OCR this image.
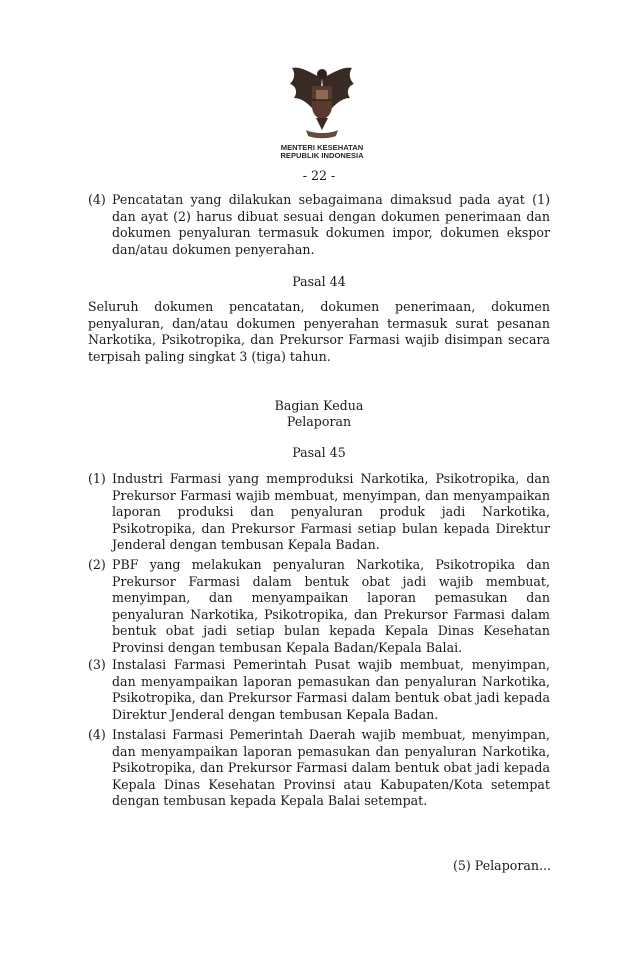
MENTERI KESEHATAN
REPUBLIK INDONESIA
- 22 -
(4) Pencatatan yang dilakukan sebagaimana dimaksud pada ayat (1) dan ayat (2) harus dibuat sesuai dengan dokumen penerimaan dan dokumen penyaluran termasuk dokumen impor, dokumen ekspor dan/atau dokumen penyerahan.
Pasal 44
Seluruh dokumen pencatatan, dokumen penerimaan, dokumen penyaluran, dan/atau dokumen penyerahan termasuk surat pesanan Narkotika, Psikotropika, dan Prekursor Farmasi wajib disimpan secara terpisah paling singkat 3 (tiga) tahun.
Bagian Kedua
Pelaporan
Pasal 45
(1) Industri Farmasi yang memproduksi Narkotika, Psikotropika, dan Prekursor Farmasi wajib membuat, menyimpan, dan menyampaikan laporan produksi dan penyaluran produk jadi Narkotika, Psikotropika, dan Prekursor Farmasi setiap bulan kepada Direktur Jenderal dengan tembusan Kepala Badan.
(2) PBF yang melakukan penyaluran Narkotika, Psikotropika dan Prekursor Farmasi dalam bentuk obat jadi wajib membuat, menyimpan, dan menyampaikan laporan pemasukan dan penyaluran Narkotika, Psikotropika, dan Prekursor Farmasi dalam bentuk obat jadi setiap bulan kepada Kepala Dinas Kesehatan Provinsi dengan tembusan Kepala Badan/Kepala Balai.
(3) Instalasi Farmasi Pemerintah Pusat wajib membuat, menyimpan, dan menyampaikan laporan pemasukan dan penyaluran Narkotika, Psikotropika, dan Prekursor Farmasi dalam bentuk obat jadi kepada Direktur Jenderal dengan tembusan Kepala Badan.
(4) Instalasi Farmasi Pemerintah Daerah wajib membuat, menyimpan, dan menyampaikan laporan pemasukan dan penyaluran Narkotika, Psikotropika, dan Prekursor Farmasi dalam bentuk obat jadi kepada Kepala Dinas Kesehatan Provinsi atau Kabupaten/Kota setempat dengan tembusan kepada Kepala Balai setempat.
(5) Pelaporan...
